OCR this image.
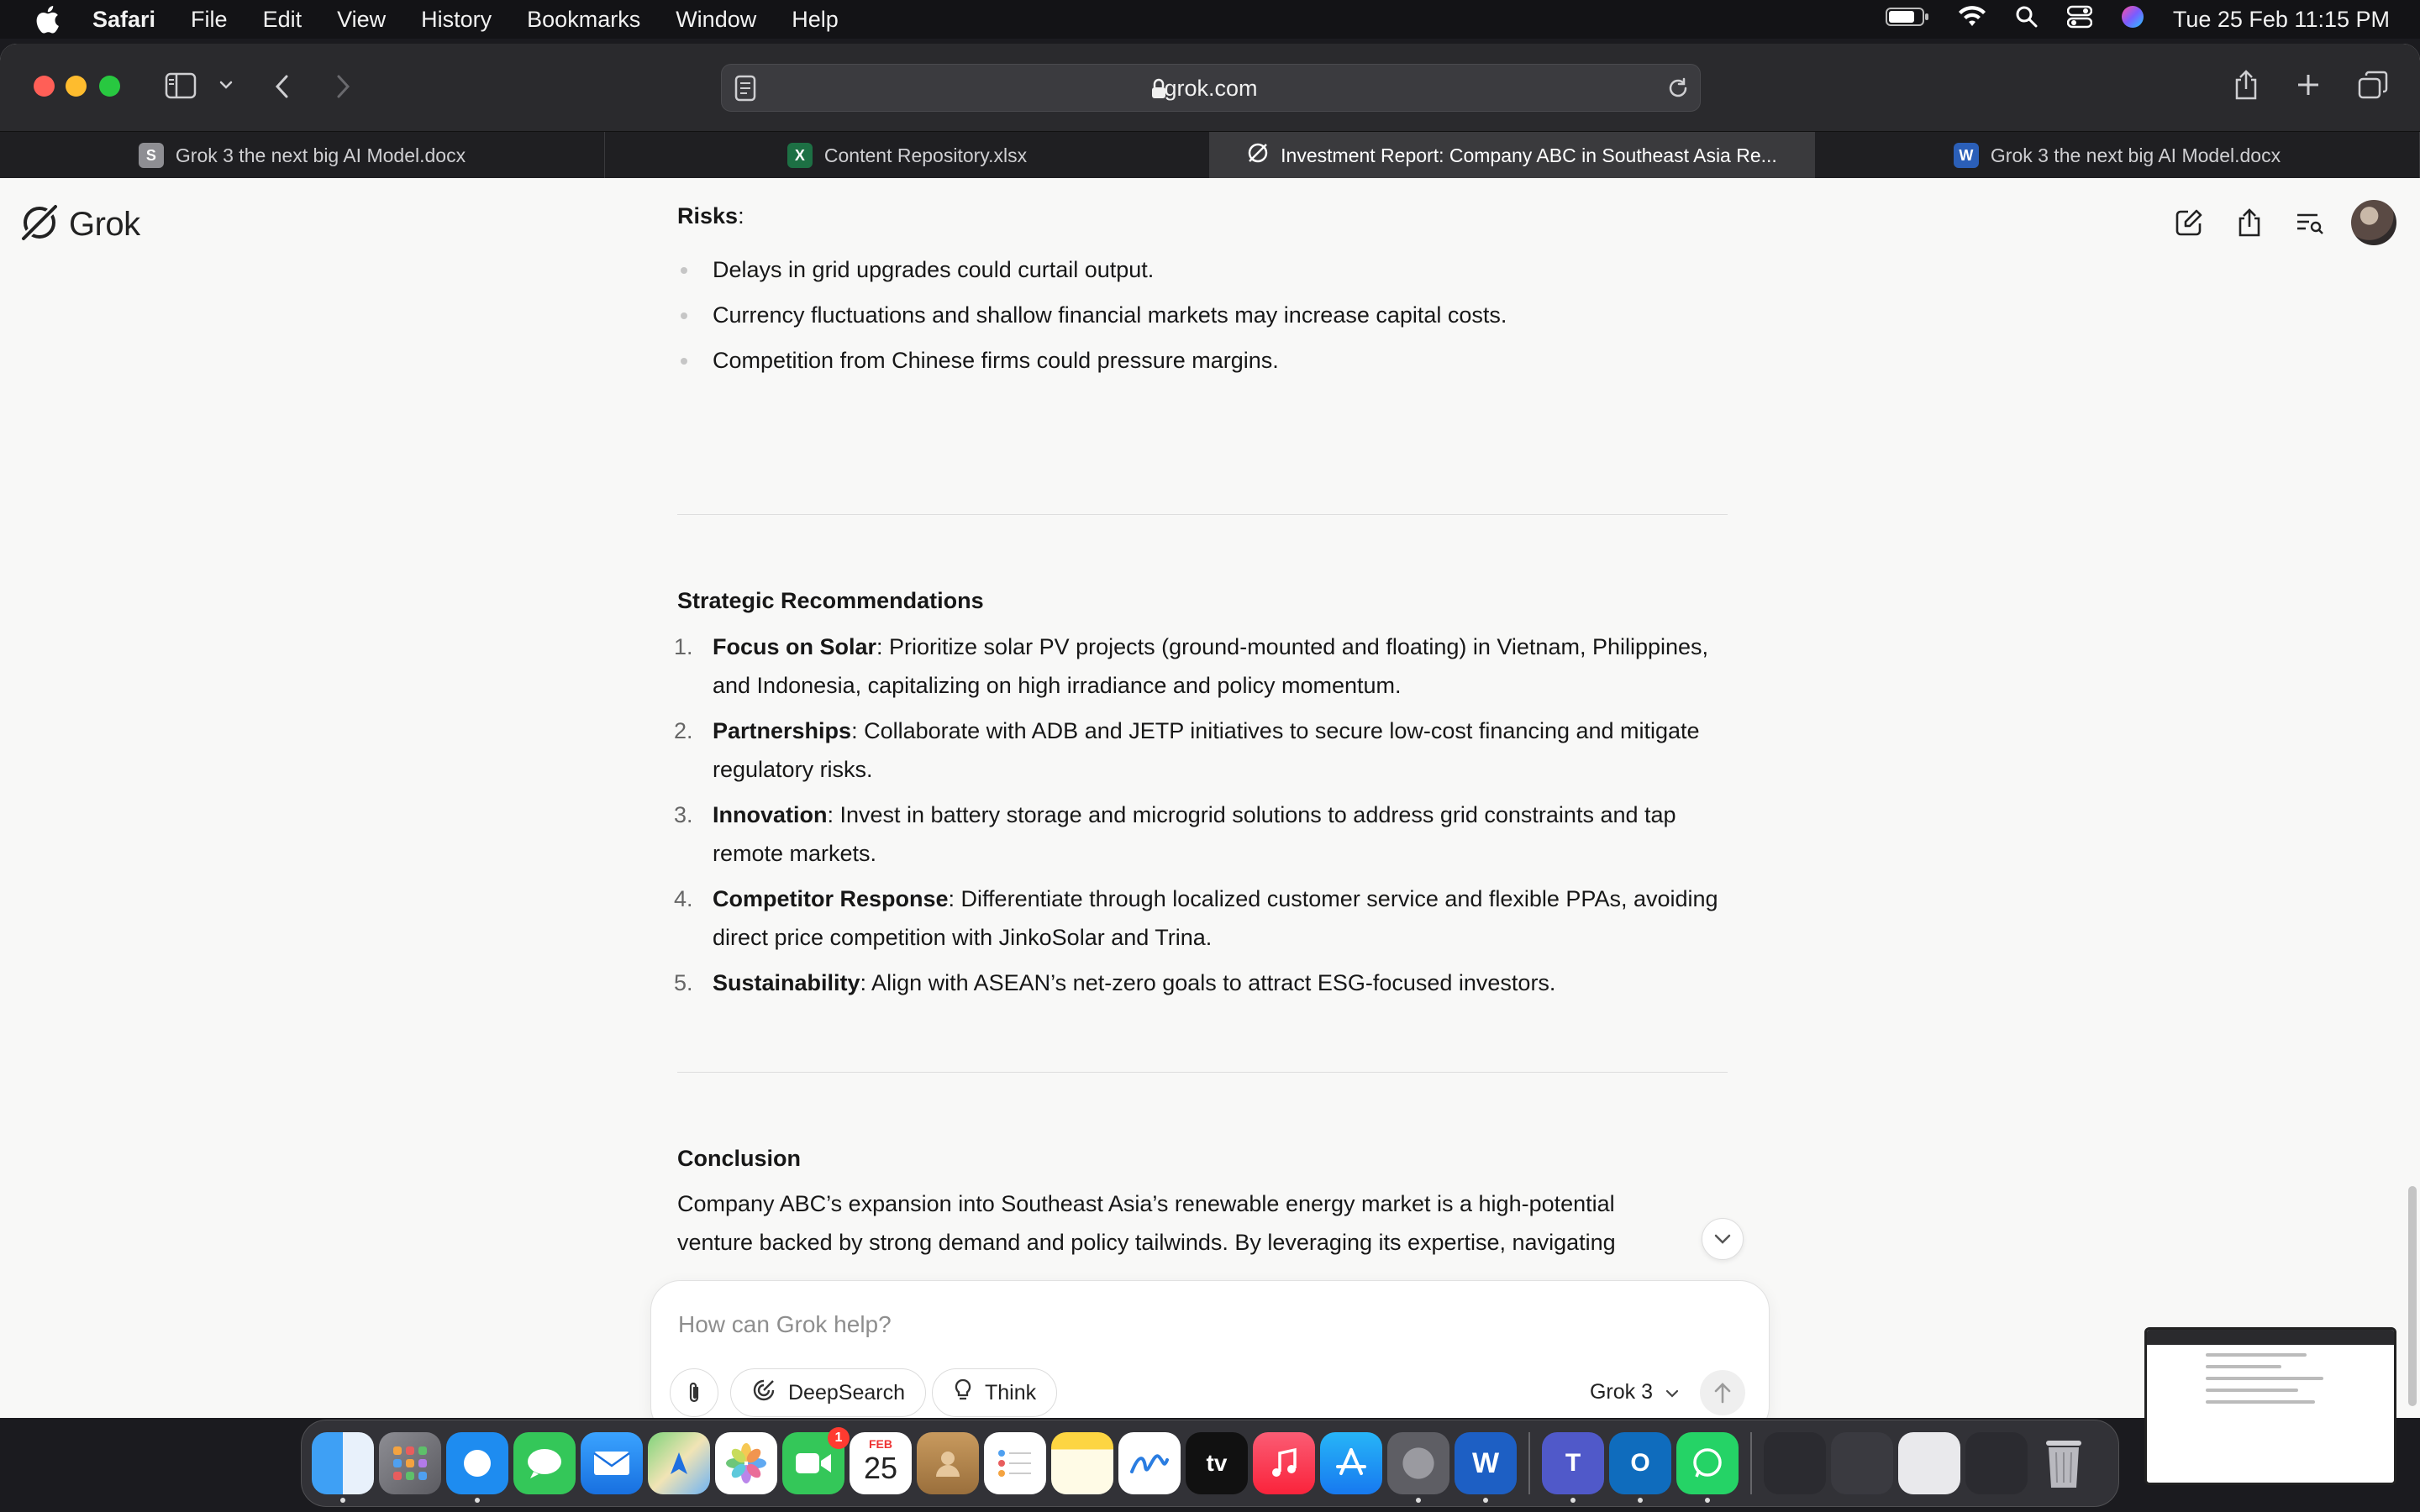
Safari File Edit View History Bookmarks Window Help	Tue 25 Feb 11:15 PM
grok.com
S	Grok 3 the next big AI Model.docx	X	Content Repository.xlsx	Investment Report: Company ABC in Southeast Asia Re...	W Grok 3 the next big AI Model.docx
Grok	Risks:
Delays in grid upgrades could curtail output.
Currency fluctuations and shallow financial markets may increase capital costs.
Competition from Chinese firms could pressure margins.
Strategic Recommendations
1. Focus on Solar: Prioritize solar PV projects (ground-mounted and floating) in Vietnam, Philippines, and Indonesia, capitalizing on high irradiance and policy momentum.
2. Partnerships: Collaborate with ADB and JETP initiatives to secure low-cost financing and mitigate regulatory risks.
3. Innovation: Invest in battery storage and microgrid solutions to address grid constraints and tap remote markets.
4. Competitor Response: Differentiate through localized customer service and flexible PPAs, avoiding direct price competition with JinkoSolar and Trina.
5. Sustainability: Align with ASEAN’s net-zero goals to attract ESG-focused investors.
Conclusion
Company ABC’s expansion into Southeast Asia’s renewable energy market is a high-potential venture backed by strong demand and policy tailwinds. By leveraging its expertise, navigating
How can Grok help?
DeepSearch	Think	Grok 3
1	FEB
25	tv	W	T	O
